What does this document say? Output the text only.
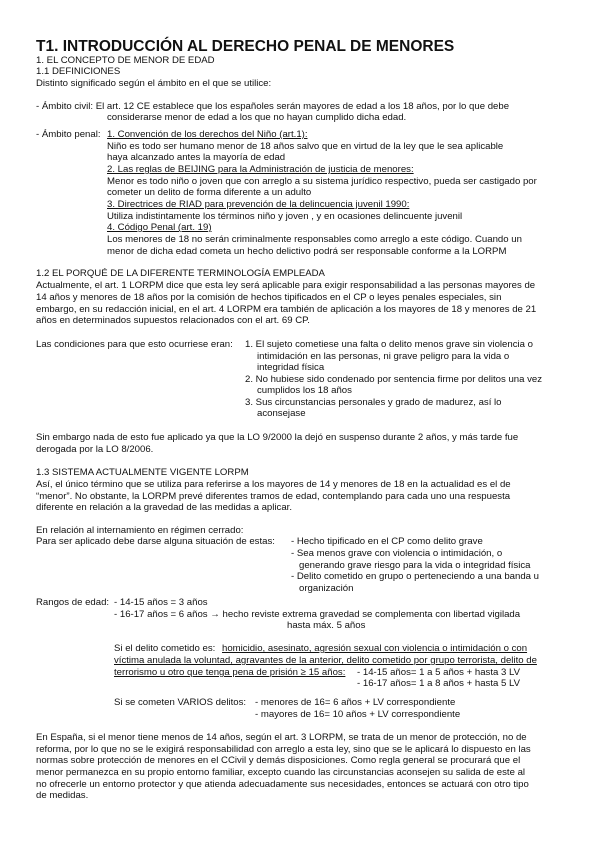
T1. INTRODUCCIÓN AL DERECHO PENAL DE MENORES
1. EL CONCEPTO DE MENOR DE EDAD
1.1 DEFINICIONES
Distinto significado según el ámbito en el que se utilice:
- Ámbito civil: El art. 12 CE establece que los españoles serán mayores de edad a los 18 años, por lo que debe
considerarse menor de edad a los que no hayan cumplido dicha edad.
- Ámbito penal: 1. Convención de los derechos del Niño (art.1):
Niño es todo ser humano menor de 18 años salvo que en virtud de la ley que le sea aplicable
haya alcanzado antes la mayoría de edad
2. Las reglas de BEIJING para la Administración de justicia de menores:
Menor es todo niño o joven que con arreglo a su sistema jurídico respectivo, pueda ser castigado por
cometer un delito de forma diferente a un adulto
3. Directrices de RIAD para prevención de la delincuencia juvenil 1990:
Utiliza indistintamente los términos niño y joven , y en ocasiones delincuente juvenil
4. Código Penal (art. 19)
Los menores de 18 no serán criminalmente responsables como arreglo a este código. Cuando un
menor de dicha edad cometa un hecho delictivo podrá ser responsable conforme a la LORPM
1.2 EL PORQUÉ DE LA DIFERENTE TERMINOLOGÍA EMPLEADA
Actualmente, el art. 1 LORPM dice que esta ley será aplicable para exigir responsabilidad a las personas mayores de
14 años y menores de 18 años por la comisión de hechos tipificados en el CP o leyes penales especiales, sin
embargo, en su redacción inicial, en el art. 4 LORPM era también de aplicación a los mayores de 18 y menores de 21
años en determinados supuestos relacionados con el art. 69 CP.
Las condiciones para que esto ocurriese eran: 1. El sujeto cometiese una falta o delito menos grave sin violencia o
intimidación en las personas, ni grave peligro para la vida o
integridad física
2. No hubiese sido condenado por sentencia firme por delitos una vez
cumplidos los 18 años
3. Sus circunstancias personales y grado de madurez, así lo
aconsejase
Sin embargo nada de esto fue aplicado ya que la LO 9/2000 la dejó en suspenso durante 2 años, y más tarde fue
derogada por la LO 8/2006.
1.3 SISTEMA ACTUALMENTE VIGENTE LORPM
Así, el único término que se utiliza para referirse a los mayores de 14 y menores de 18 en la actualidad es el de
“menor”. No obstante, la LORPM prevé diferentes tramos de edad, contemplando para cada uno una respuesta
diferente en relación a la gravedad de las medidas a aplicar.
En relación al internamiento en régimen cerrado:
Para ser aplicado debe darse alguna situación de estas: - Hecho tipificado en el CP como delito grave
- Sea menos grave con violencia o intimidación, o
generando grave riesgo para la vida o integridad física
- Delito cometido en grupo o perteneciendo a una banda u
organización
Rangos de edad: - 14-15 años = 3 años
- 16-17 años = 6 años → hecho reviste extrema gravedad se complementa con libertad vigilada
hasta máx. 5 años
Si el delito cometido es: homicidio, asesinato, agresión sexual con violencia o intimidación o con
víctima anulada la voluntad, agravantes de la anterior, delito cometido por grupo terrorista, delito de
terrorismo u otro que tenga pena de prisión ≥ 15 años: - 14-15 años= 1 a 5 años + hasta 3 LV
- 16-17 años= 1 a 8 años + hasta 5 LV
Si se cometen VARIOS delitos: - menores de 16= 6 años + LV correspondiente
- mayores de 16= 10 años + LV correspondiente
En España, si el menor tiene menos de 14 años, según el art. 3 LORPM, se trata de un menor de protección, no de
reforma, por lo que no se le exigirá responsabilidad con arreglo a esta ley, sino que se le aplicará lo dispuesto en las
normas sobre protección de menores en el CCivil y demás disposiciones. Como regla general se procurará que el
menor permanezca en su propio entorno familiar, excepto cuando las circunstancias aconsejen su salida de este al
no ofrecerle un entorno protector y que atienda adecuadamente sus necesidades, entonces se actuará con otro tipo
de medidas.
